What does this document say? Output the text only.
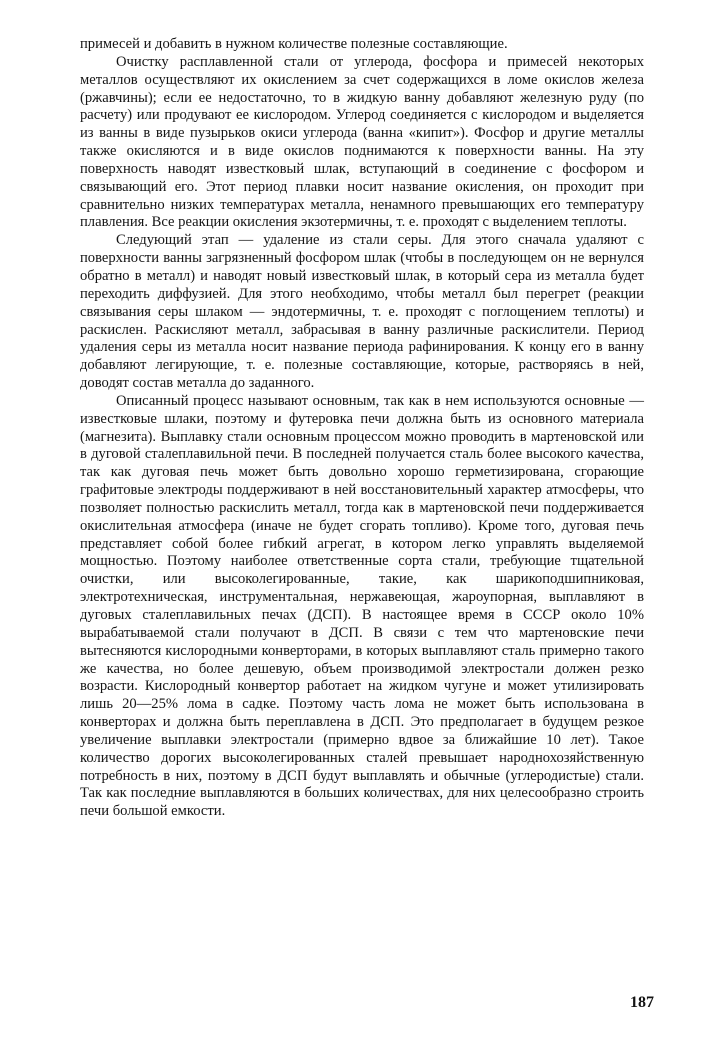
примесей и добавить в нужном количестве полезные составляющие.

Очистку расплавленной стали от углерода, фосфора и примесей некоторых металлов осуществляют их окислением за счет содержащихся в ломе окислов железа (ржавчины); если ее недостаточно, то в жидкую ванну добавляют железную руду (по расчету) или продувают ее кислородом. Углерод соединяется с кислородом и выделяется из ванны в виде пузырьков окиси углерода (ванна «кипит»). Фосфор и другие металлы также окисляются и в виде окислов поднимаются к поверхности ванны. На эту поверхность наводят известковый шлак, вступающий в соединение с фосфором и связывающий его. Этот период плавки носит название окисления, он проходит при сравнительно низких температурах металла, ненамного превышающих его температуру плавления. Все реакции окисления экзотермичны, т. е. проходят с выделением теплоты.

Следующий этап — удаление из стали серы. Для этого сначала удаляют с поверхности ванны загрязненный фосфором шлак (чтобы в последующем он не вернулся обратно в металл) и наводят новый известковый шлак, в который сера из металла будет переходить диффузией. Для этого необходимо, чтобы металл был перегрет (реакции связывания серы шлаком — эндотермичны, т. е. проходят с поглощением теплоты) и раскислен. Раскисляют металл, забрасывая в ванну различные раскислители. Период удаления серы из металла носит название периода рафинирования. К концу его в ванну добавляют легирующие, т. е. полезные составляющие, которые, растворяясь в ней, доводят состав металла до заданного.

Описанный процесс называют основным, так как в нем используются основные — известковые шлаки, поэтому и футеровка печи должна быть из основного материала (магнезита). Выплавку стали основным процессом можно проводить в мартеновской или в дуговой сталеплавильной печи. В последней получается сталь более высокого качества, так как дуговая печь может быть довольно хорошо герметизирована, сгорающие графитовые электроды поддерживают в ней восстановительный характер атмосферы, что позволяет полностью раскислить металл, тогда как в мартеновской печи поддерживается окислительная атмосфера (иначе не будет сгорать топливо). Кроме того, дуговая печь представляет собой более гибкий агрегат, в котором легко управлять выделяемой мощностью. Поэтому наиболее ответственные сорта стали, требующие тщательной очистки, или высоколегированные, такие, как шарикоподшипниковая, электротехническая, инструментальная, нержавеющая, жароупорная, выплавляют в дуговых сталеплавильных печах (ДСП). В настоящее время в СССР около 10% вырабатываемой стали получают в ДСП. В связи с тем что мартеновские печи вытесняются кислородными конверторами, в которых выплавляют сталь примерно такого же качества, но более дешевую, объем производимой электростали должен резко возрасти. Кислородный конвертор работает на жидком чугуне и может утилизировать лишь 20—25% лома в садке. Поэтому часть лома не может быть использована в конверторах и должна быть переплавлена в ДСП. Это предполагает в будущем резкое увеличение выплавки электростали (примерно вдвое за ближайшие 10 лет). Такое количество дорогих высоколегированных сталей превышает народнохозяйственную потребность в них, поэтому в ДСП будут выплавлять и обычные (углеродистые) стали. Так как последние выплавляются в больших количествах, для них целесообразно строить печи большой емкости.

187
